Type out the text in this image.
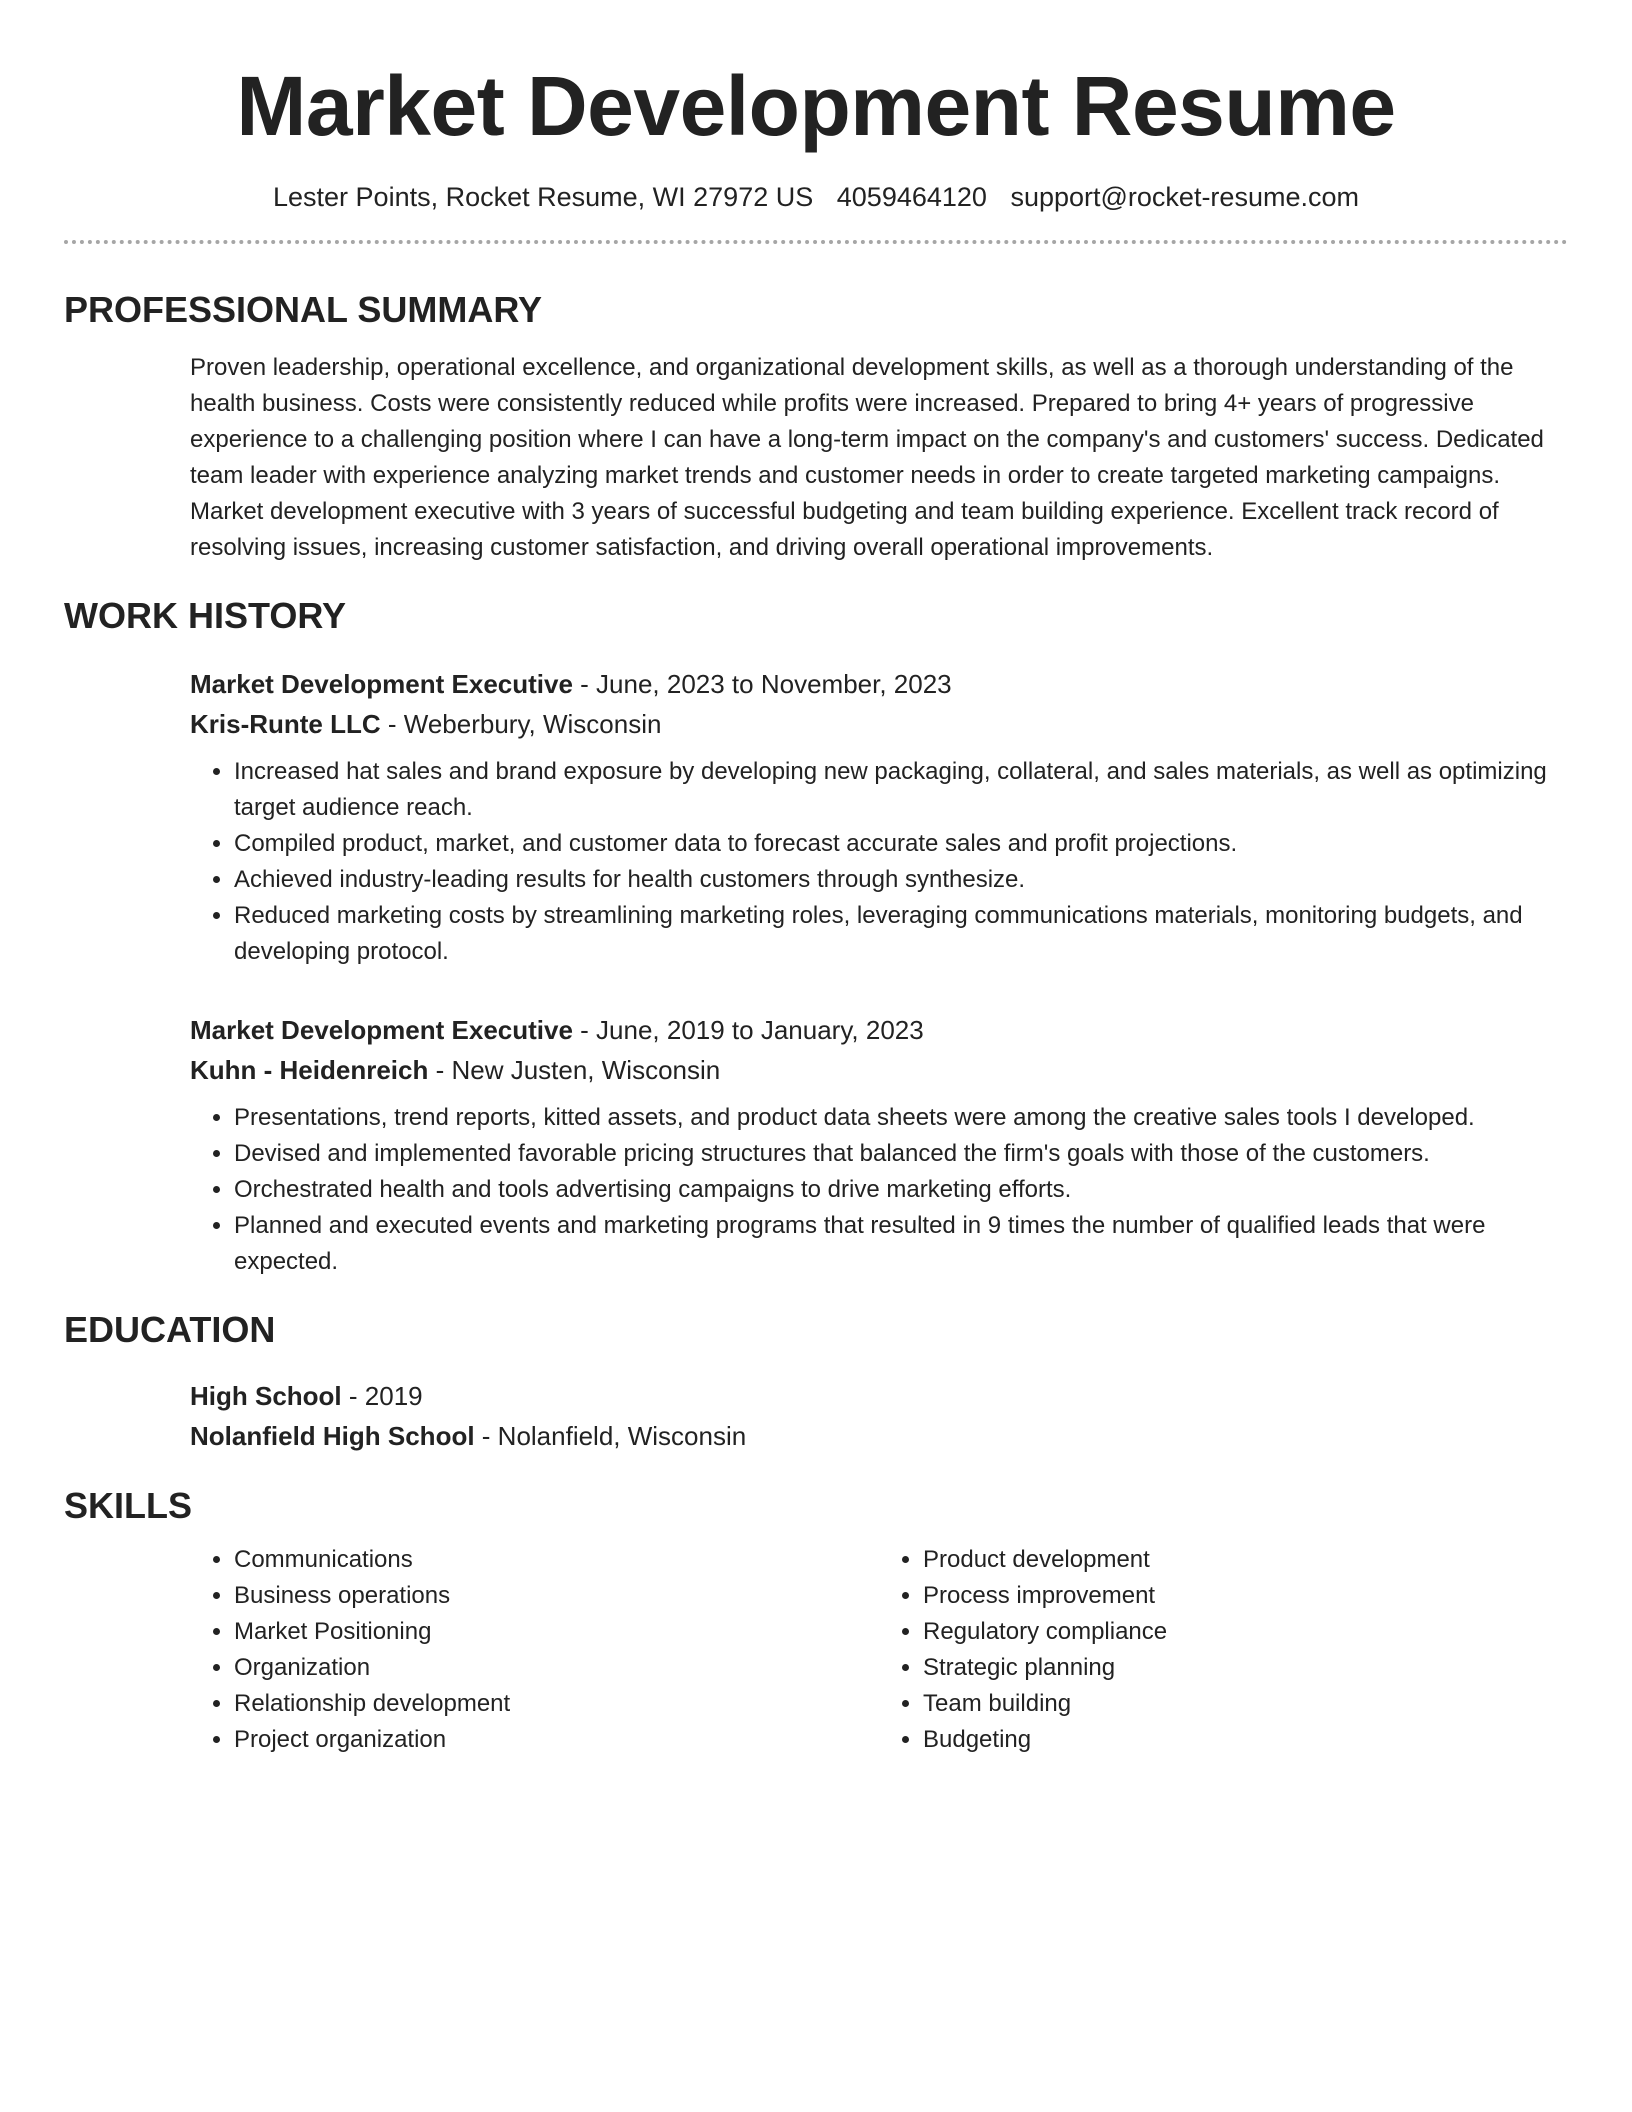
Market Development Resume
Lester Points, Rocket Resume, WI 27972 US 4059464120 support@rocket-resume.com
PROFESSIONAL SUMMARY
Proven leadership, operational excellence, and organizational development skills, as well as a thorough understanding of the health business. Costs were consistently reduced while profits were increased. Prepared to bring 4+ years of progressive experience to a challenging position where I can have a long-term impact on the company's and customers' success. Dedicated team leader with experience analyzing market trends and customer needs in order to create targeted marketing campaigns. Market development executive with 3 years of successful budgeting and team building experience. Excellent track record of resolving issues, increasing customer satisfaction, and driving overall operational improvements.
WORK HISTORY
Market Development Executive - June, 2023 to November, 2023
Kris-Runte LLC - Weberbury, Wisconsin
• Increased hat sales and brand exposure by developing new packaging, collateral, and sales materials, as well as optimizing target audience reach.
• Compiled product, market, and customer data to forecast accurate sales and profit projections.
• Achieved industry-leading results for health customers through synthesize.
• Reduced marketing costs by streamlining marketing roles, leveraging communications materials, monitoring budgets, and developing protocol.
Market Development Executive - June, 2019 to January, 2023
Kuhn - Heidenreich - New Justen, Wisconsin
• Presentations, trend reports, kitted assets, and product data sheets were among the creative sales tools I developed.
• Devised and implemented favorable pricing structures that balanced the firm's goals with those of the customers.
• Orchestrated health and tools advertising campaigns to drive marketing efforts.
• Planned and executed events and marketing programs that resulted in 9 times the number of qualified leads that were expected.
EDUCATION
High School - 2019
Nolanfield High School - Nolanfield, Wisconsin
SKILLS
• Communications
• Business operations
• Market Positioning
• Organization
• Relationship development
• Project organization
• Product development
• Process improvement
• Regulatory compliance
• Strategic planning
• Team building
• Budgeting
